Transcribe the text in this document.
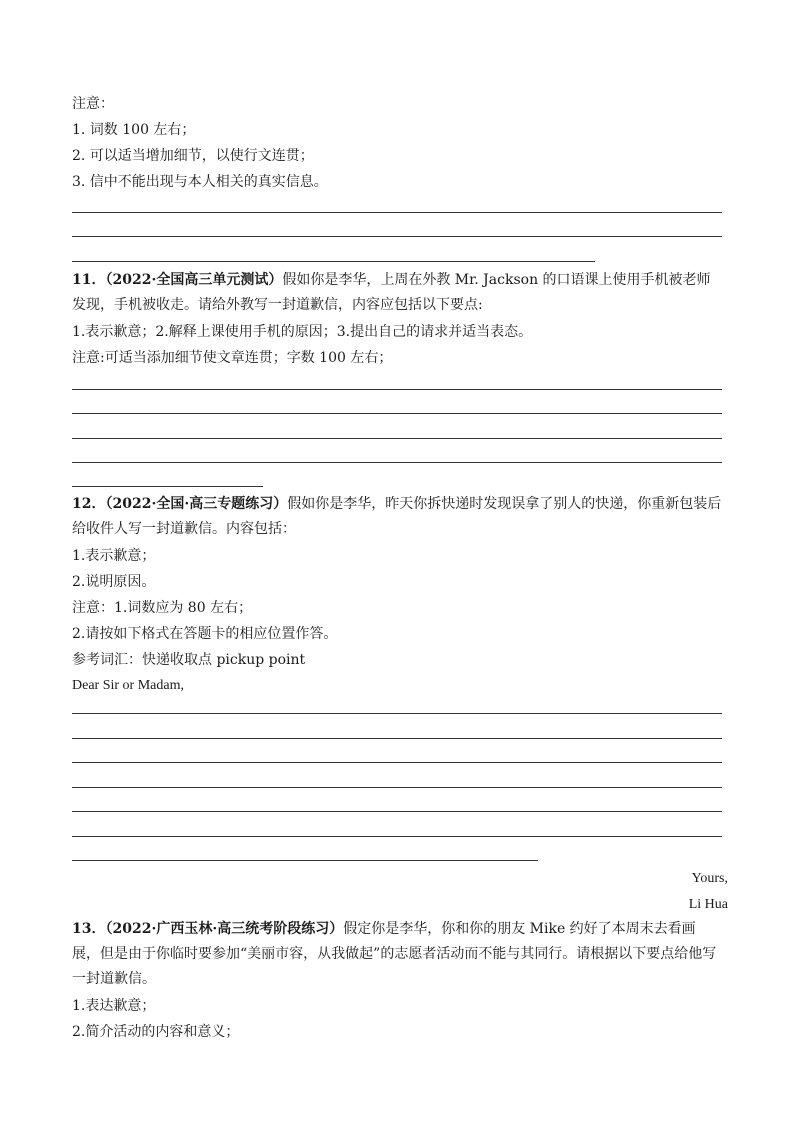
注意：
1. 词数 100 左右；
2. 可以适当增加细节，以使行文连贯；
3. 信中不能出现与本人相关的真实信息。
11．（2022·全国高三单元测试）假如你是李华，上周在外教 Mr. Jackson 的口语课上使用手机被老师发现，手机被收走。请给外教写一封道歉信，内容应包括以下要点:
1.表示歉意；2.解释上课使用手机的原因；3.提出自己的请求并适当表态。
注意:可适当添加细节使文章连贯；字数 100 左右；
12．（2022·全国·高三专题练习）假如你是李华，昨天你拆快递时发现误拿了别人的快递，你重新包装后给收件人写一封道歉信。内容包括：
1.表示歉意；
2.说明原因。
注意：1.词数应为 80 左右；
2.请按如下格式在答题卡的相应位置作答。
参考词汇：快递收取点 pickup point
Dear Sir or Madam,
Yours,
Li Hua
13．（2022·广西玉林·高三统考阶段练习）假定你是李华，你和你的朋友 Mike 约好了本周末去看画展，但是由于你临时要参加“美丽市容，从我做起”的志愿者活动而不能与其同行。请根据以下要点给他写一封道歉信。
1.表达歉意；
2.简介活动的内容和意义；
